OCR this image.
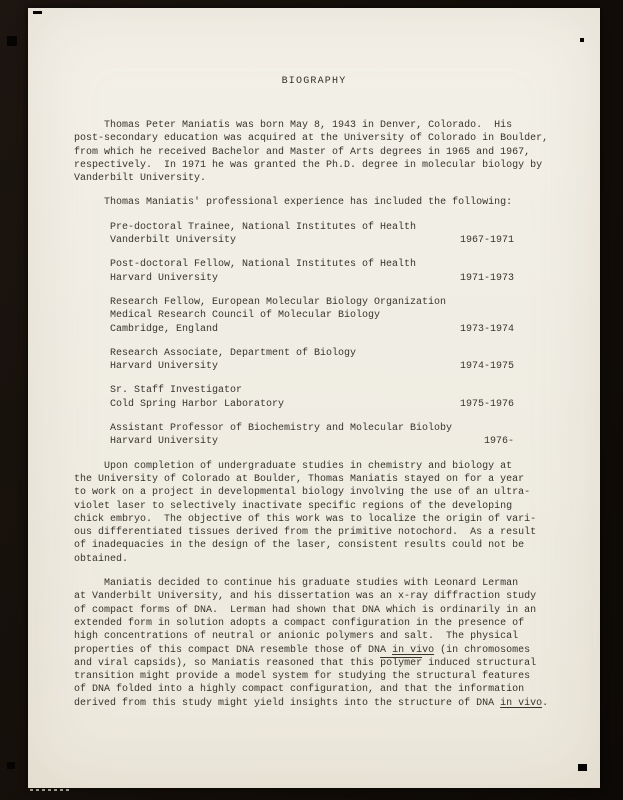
BIOGRAPHY

Thomas Peter Maniatis was born May 8, 1943 in Denver, Colorado.  His
post-secondary education was acquired at the University of Colorado in Boulder,
from which he received Bachelor and Master of Arts degrees in 1965 and 1967,
respectively.  In 1971 he was granted the Ph.D. degree in molecular biology by
Vanderbilt University.

Thomas Maniatis' professional experience has included the following:

Pre-doctoral Trainee, National Institutes of Health
Vanderbilt University	1967-1971
Post-doctoral Fellow, National Institutes of Health
Harvard University	1971-1973
Research Fellow, European Molecular Biology Organization
Medical Research Council of Molecular Biology
Cambridge, England	1973-1974
Research Associate, Department of Biology
Harvard University	1974-1975
Sr. Staff Investigator
Cold Spring Harbor Laboratory	1975-1976
Assistant Professor of Biochemistry and Molecular Bioloby
Harvard University	1976-

Upon completion of undergraduate studies in chemistry and biology at
the University of Colorado at Boulder, Thomas Maniatis stayed on for a year
to work on a project in developmental biology involving the use of an ultra-
violet laser to selectively inactivate specific regions of the developing
chick embryo.  The objective of this work was to localize the origin of vari-
ous differentiated tissues derived from the primitive notochord.  As a result
of inadequacies in the design of the laser, consistent results could not be
obtained.

Maniatis decided to continue his graduate studies with Leonard Lerman
at Vanderbilt University, and his dissertation was an x-ray diffraction study
of compact forms of DNA.  Lerman had shown that DNA which is ordinarily in an
extended form in solution adopts a compact configuration in the presence of
high concentrations of neutral or anionic polymers and salt.  The physical
properties of this compact DNA resemble those of DNA in vivo (in chromosomes
and viral capsids), so Maniatis reasoned that this polymer induced structural
transition might provide a model system for studying the structural features
of DNA folded into a highly compact configuration, and that the information
derived from this study might yield insights into the structure of DNA in vivo.
